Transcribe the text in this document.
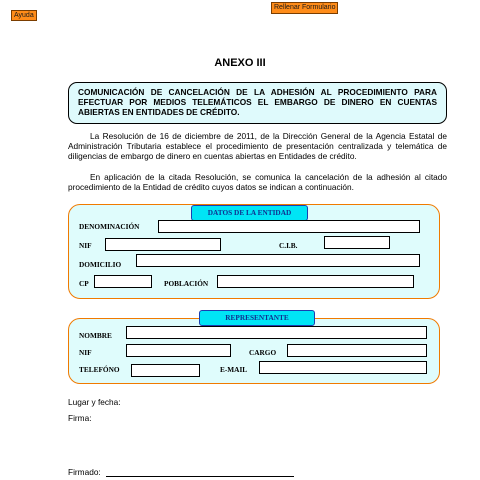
Ayuda
Rellenar Formulario
ANEXO III
COMUNICACIÓN DE CANCELACIÓN DE LA ADHESIÓN AL PROCEDIMIENTO PARA EFECTUAR POR MEDIOS TELEMÁTICOS EL EMBARGO DE DINERO EN CUENTAS ABIERTAS EN ENTIDADES DE CRÉDITO.
La Resolución de 16 de diciembre de 2011, de la Dirección General de la Agencia Estatal de Administración Tributaria establece el procedimiento de presentación centralizada y telemática de diligencias de embargo de dinero en cuentas abiertas en Entidades de crédito.
En aplicación de la citada Resolución, se comunica la cancelación de la adhesión al citado procedimiento de la Entidad de crédito cuyos datos se indican a continuación.
DATOS DE LA ENTIDAD
DENOMINACIÓN
NIF	C.I.B.
DOMICILIO
CP	POBLACIÓN
REPRESENTANTE
NOMBRE
NIF	CARGO
TELEFÓNO	E-MAIL
Lugar y fecha:
Firma:
Firmado:
